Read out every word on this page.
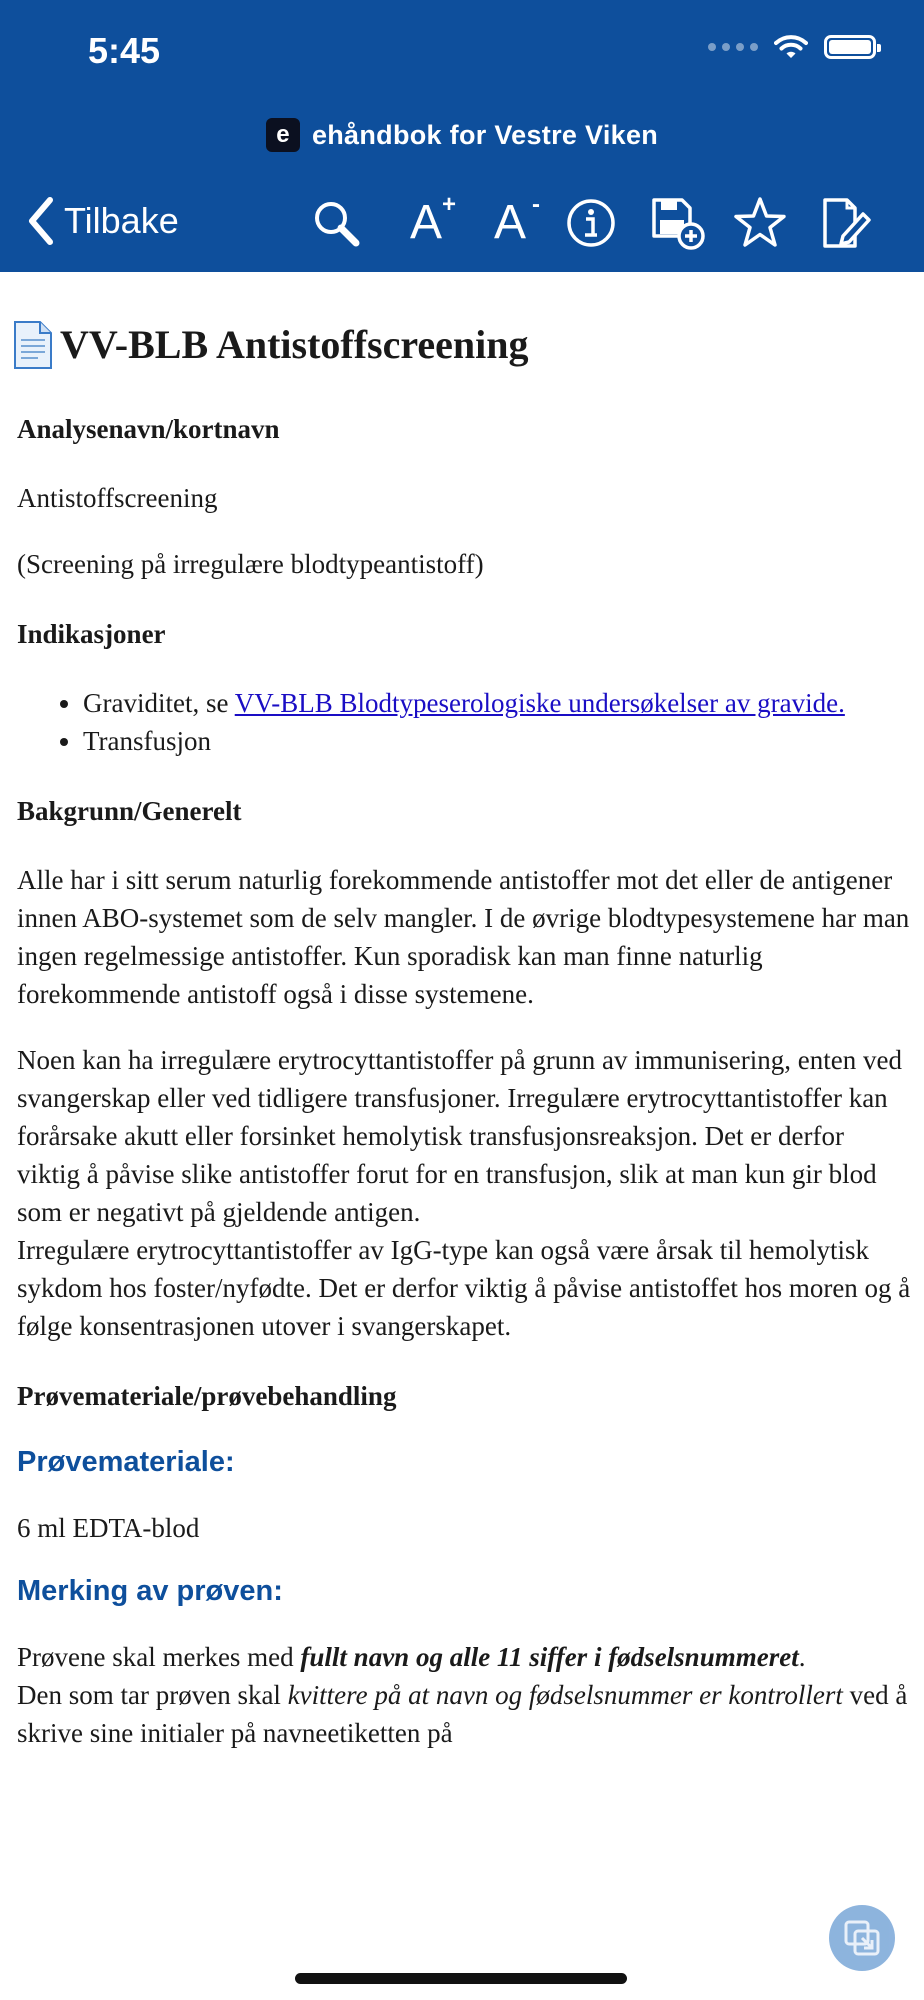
5:45
e ehåndbok for Vestre Viken
Tilbake	A + A -
VV-BLB Antistoffscreening
Analysenavn/kortnavn

Antistoffscreening

(Screening på irregulære blodtypeantistoff)

Indikasjoner
• Graviditet, se VV-BLB Blodtypeserologiske undersøkelser av gravide.
• Transfusjon
Bakgrunn/Generelt

Alle har i sitt serum naturlig forekommende antistoffer mot det eller de antigener innen ABO-systemet som de selv mangler. I de øvrige blodtypesystemene har man ingen regelmessige antistoffer. Kun sporadisk kan man finne naturlig forekommende antistoff også i disse systemene.

Noen kan ha irregulære erytrocyttantistoffer på grunn av immunisering, enten ved svangerskap eller ved tidligere transfusjoner. Irregulære erytrocyttantistoffer kan forårsake akutt eller forsinket hemolytisk transfusjonsreaksjon. Det er derfor viktig å påvise slike antistoffer forut for en transfusjon, slik at man kun gir blod som er negativt på gjeldende antigen.

Irregulære erytrocyttantistoffer av IgG-type kan også være årsak til hemolytisk sykdom hos foster/nyfødte. Det er derfor viktig å påvise antistoffet hos moren og å følge konsentrasjonen utover i svangerskapet.

Prøvemateriale/prøvebehandling
Prøvemateriale:

6 ml EDTA-blod

Merking av prøven:

Prøvene skal merkes med fullt navn og alle 11 siffer i fødselsnummeret.

Den som tar prøven skal kvittere på at navn og fødselsnummer er kontrollert ved å skrive sine initialer på navneetiketten på
